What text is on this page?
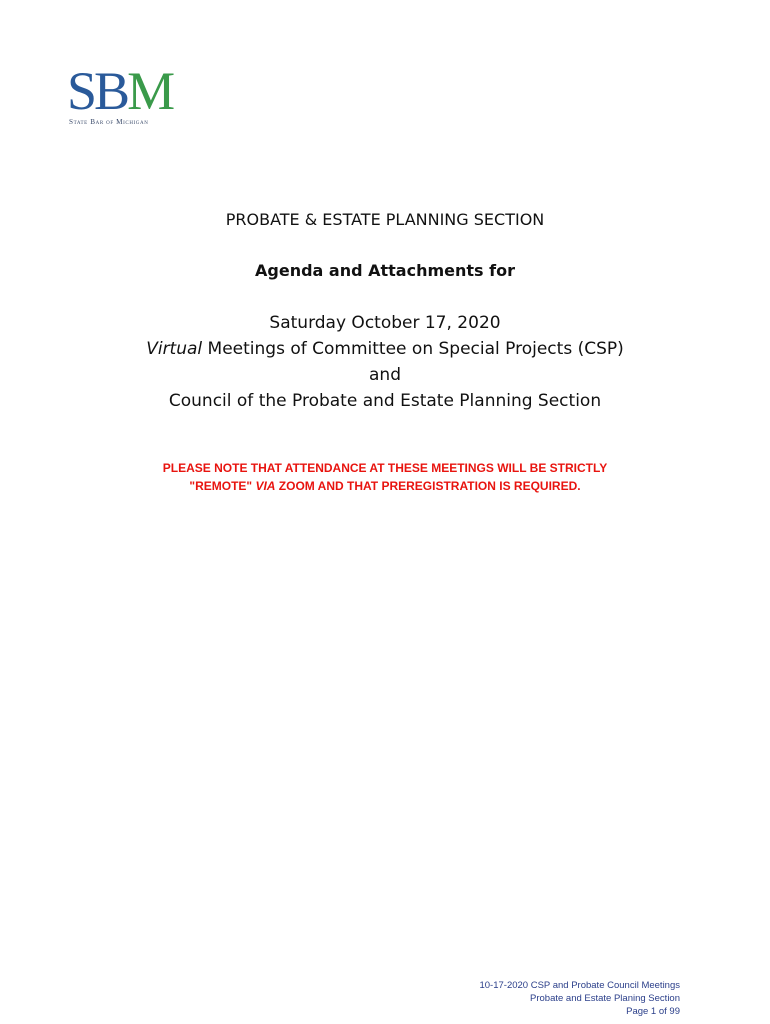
SBM
State Bar of Michigan
PROBATE & ESTATE PLANNING SECTION
Agenda and Attachments for
Saturday October 17, 2020
Virtual Meetings of Committee on Special Projects (CSP)
and
Council of the Probate and Estate Planning Section
PLEASE NOTE THAT ATTENDANCE AT THESE MEETINGS WILL BE STRICTLY
"REMOTE" VIA ZOOM AND THAT PREREGISTRATION IS REQUIRED.
10-17-2020 CSP and Probate Council Meetings
Probate and Estate Planing Section
Page 1 of 99
